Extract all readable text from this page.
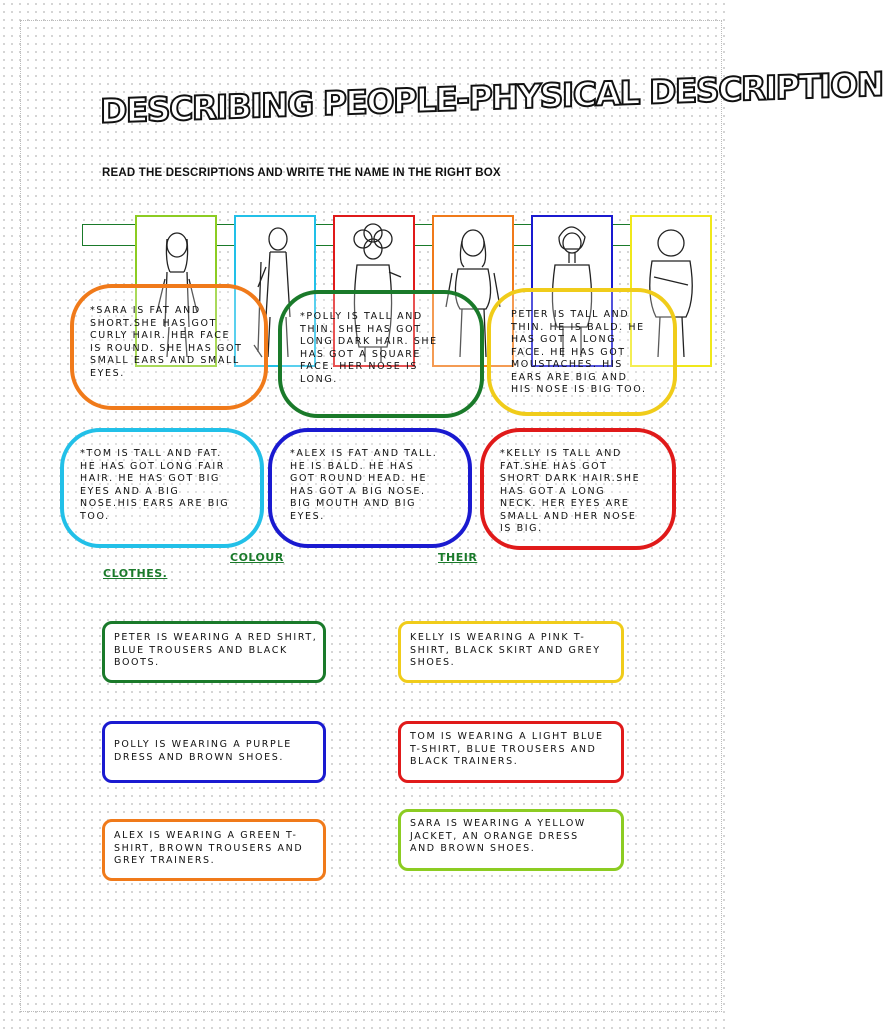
DESCRIBING PEOPLE-PHYSICAL DESCRIPTION
READ THE DESCRIPTIONS AND WRITE THE NAME IN THE RIGHT BOX
*SARA IS FAT AND
SHORT.SHE HAS GOT
CURLY HAIR. HER FACE
IS ROUND. SHE HAS GOT
SMALL EARS AND SMALL
EYES.
*POLLY IS TALL AND
THIN. SHE HAS GOT
LONG DARK HAIR. SHE
HAS GOT A SQUARE
FACE. HER NOSE IS
LONG.
PETER IS TALL AND
THIN. HE IS BALD. HE
HAS GOT A LONG
FACE. HE HAS GOT
MOUSTACHES. HIS
EARS ARE BIG AND
HIS NOSE IS BIG TOO.
*TOM IS TALL AND FAT.
HE HAS GOT LONG FAIR
HAIR. HE HAS GOT BIG
EYES AND A BIG
NOSE.HIS EARS ARE BIG
TOO.
*ALEX IS FAT AND TALL.
HE IS BALD. HE HAS
GOT ROUND HEAD. HE
HAS GOT A BIG NOSE.
BIG MOUTH AND BIG
EYES.
*KELLY IS TALL AND
FAT.SHE HAS GOT
SHORT DARK HAIR.SHE
HAS GOT A LONG
NECK. HER EYES ARE
SMALL AND HER NOSE
IS BIG.
COLOUR	THEIR
CLOTHES.
PETER IS WEARING A RED SHIRT,
BLUE TROUSERS AND BLACK
BOOTS.
KELLY IS WEARING A PINK T-
SHIRT, BLACK SKIRT AND GREY
SHOES.
POLLY IS WEARING A PURPLE
DRESS AND BROWN SHOES.
TOM IS WEARING A LIGHT BLUE
T-SHIRT, BLUE TROUSERS AND
BLACK TRAINERS.
ALEX IS WEARING A GREEN T-
SHIRT, BROWN TROUSERS AND
GREY TRAINERS.
SARA IS WEARING A YELLOW
JACKET, AN ORANGE DRESS
AND BROWN SHOES.
